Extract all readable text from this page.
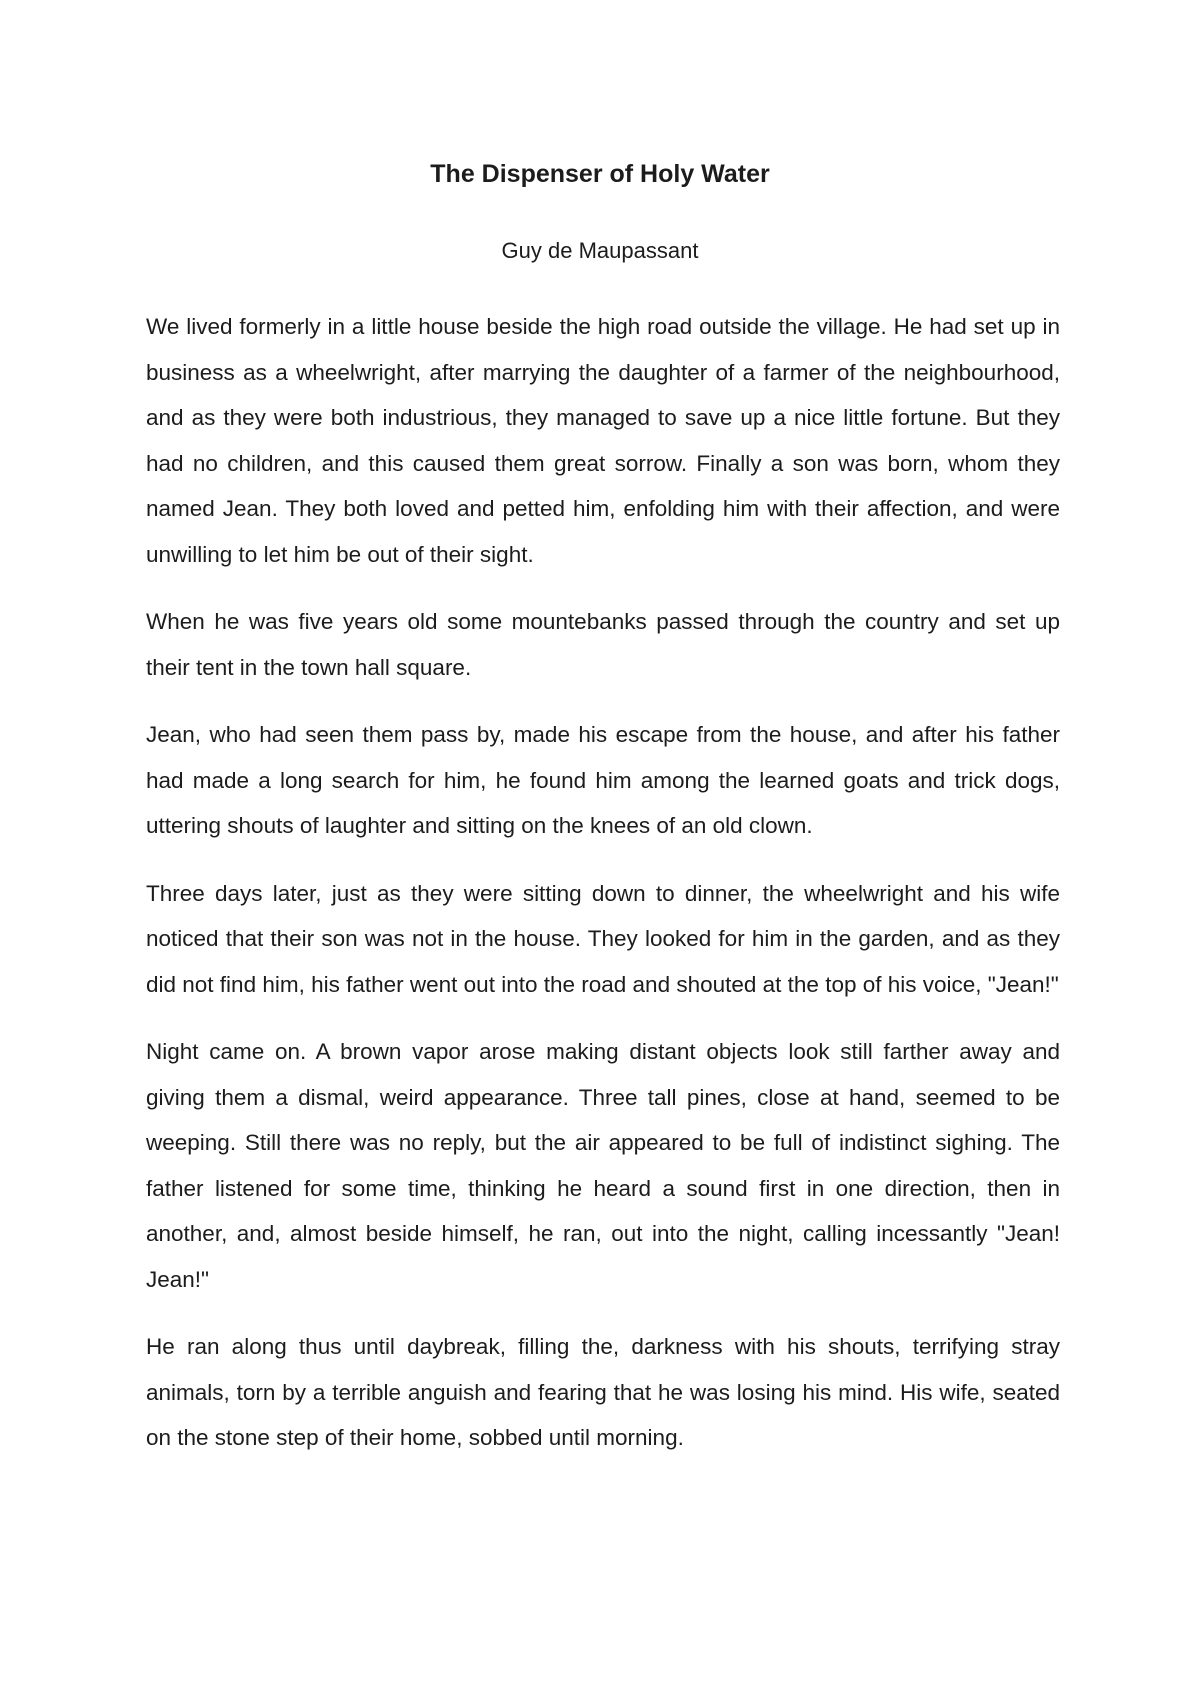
The Dispenser of Holy Water
Guy de Maupassant

We lived formerly in a little house beside the high road outside the village. He had set up in business as a wheelwright, after marrying the daughter of a farmer of the neighbourhood, and as they were both industrious, they managed to save up a nice little fortune. But they had no children, and this caused them great sorrow. Finally a son was born, whom they named Jean. They both loved and petted him, enfolding him with their affection, and were unwilling to let him be out of their sight.

When he was five years old some mountebanks passed through the country and set up their tent in the town hall square.

Jean, who had seen them pass by, made his escape from the house, and after his father had made a long search for him, he found him among the learned goats and trick dogs, uttering shouts of laughter and sitting on the knees of an old clown.

Three days later, just as they were sitting down to dinner, the wheelwright and his wife noticed that their son was not in the house. They looked for him in the garden, and as they did not find him, his father went out into the road and shouted at the top of his voice, "Jean!"

Night came on. A brown vapor arose making distant objects look still farther away and giving them a dismal, weird appearance. Three tall pines, close at hand, seemed to be weeping. Still there was no reply, but the air appeared to be full of indistinct sighing. The father listened for some time, thinking he heard a sound first in one direction, then in another, and, almost beside himself, he ran, out into the night, calling incessantly "Jean! Jean!"

He ran along thus until daybreak, filling the, darkness with his shouts, terrifying stray animals, torn by a terrible anguish and fearing that he was losing his mind. His wife, seated on the stone step of their home, sobbed until morning.
